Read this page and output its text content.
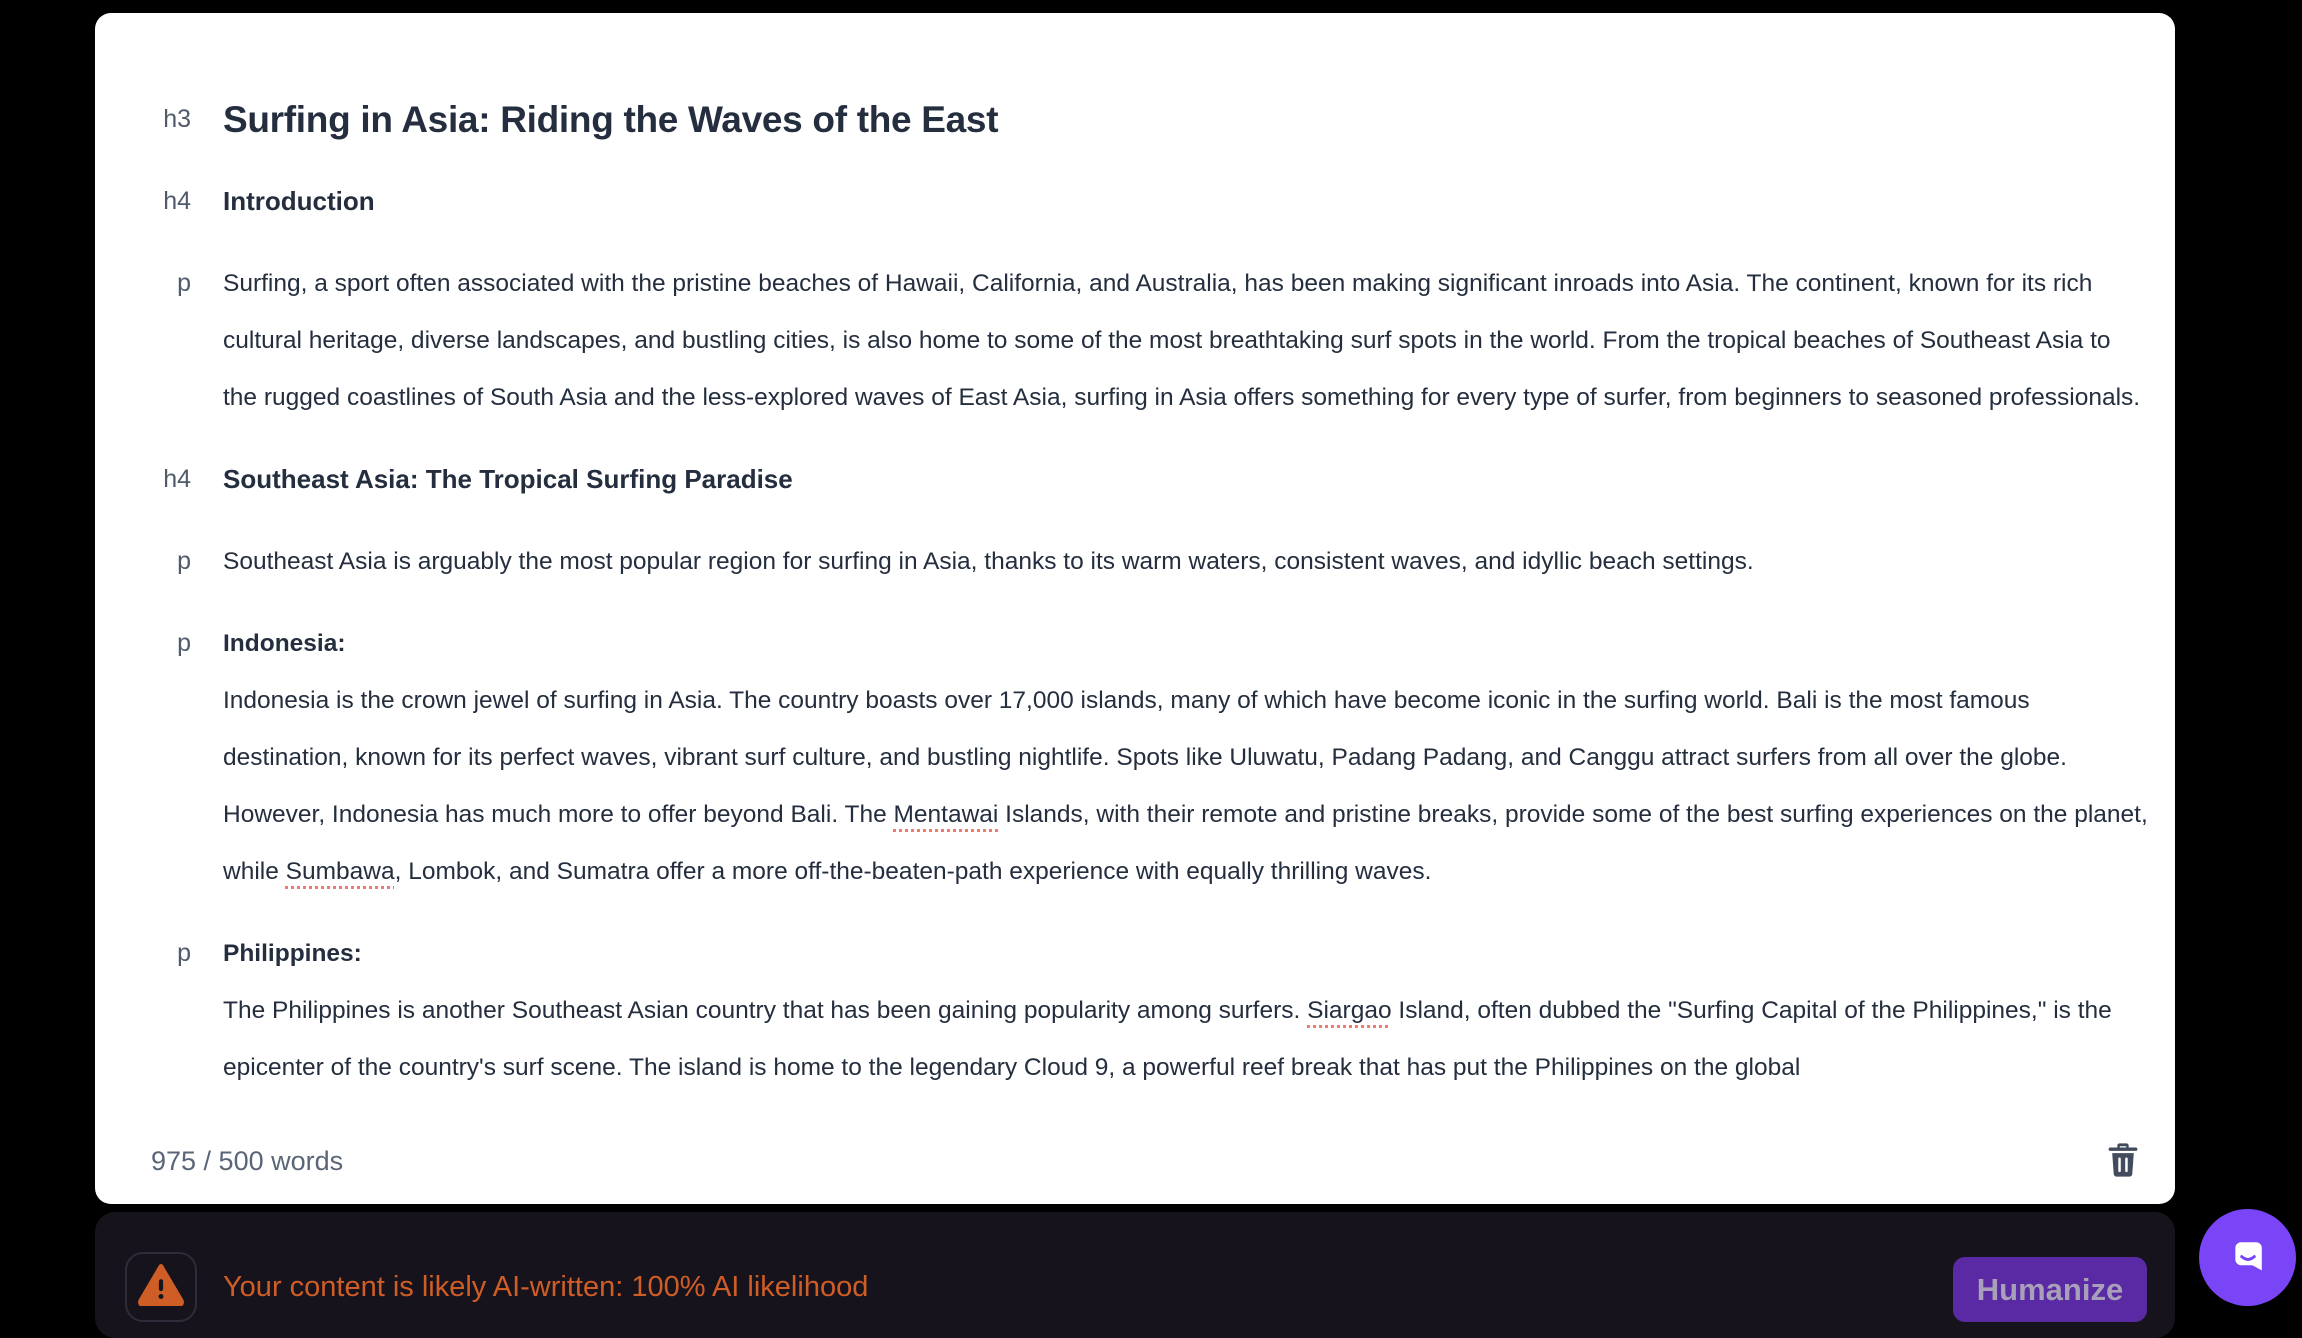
h3 Surfing in Asia: Riding the Waves of the East
h4 Introduction
p Surfing, a sport often associated with the pristine beaches of Hawaii, California, and Australia, has been making significant inroads into Asia. The continent, known for its rich cultural heritage, diverse landscapes, and bustling cities, is also home to some of the most breathtaking surf spots in the world. From the tropical beaches of Southeast Asia to the rugged coastlines of South Asia and the less-explored waves of East Asia, surfing in Asia offers something for every type of surfer, from beginners to seasoned professionals.
h4 Southeast Asia: The Tropical Surfing Paradise
p Southeast Asia is arguably the most popular region for surfing in Asia, thanks to its warm waters, consistent waves, and idyllic beach settings.
p Indonesia:
Indonesia is the crown jewel of surfing in Asia. The country boasts over 17,000 islands, many of which have become iconic in the surfing world. Bali is the most famous destination, known for its perfect waves, vibrant surf culture, and bustling nightlife. Spots like Uluwatu, Padang Padang, and Canggu attract surfers from all over the globe. However, Indonesia has much more to offer beyond Bali. The Mentawai Islands, with their remote and pristine breaks, provide some of the best surfing experiences on the planet, while Sumbawa, Lombok, and Sumatra offer a more off-the-beaten-path experience with equally thrilling waves.
p Philippines:
The Philippines is another Southeast Asian country that has been gaining popularity among surfers. Siargao Island, often dubbed the "Surfing Capital of the Philippines," is the epicenter of the country's surf scene. The island is home to the legendary Cloud 9, a powerful reef break that has put the Philippines on the global
975 / 500 words
Your content is likely AI-written: 100% AI likelihood	Humanize
